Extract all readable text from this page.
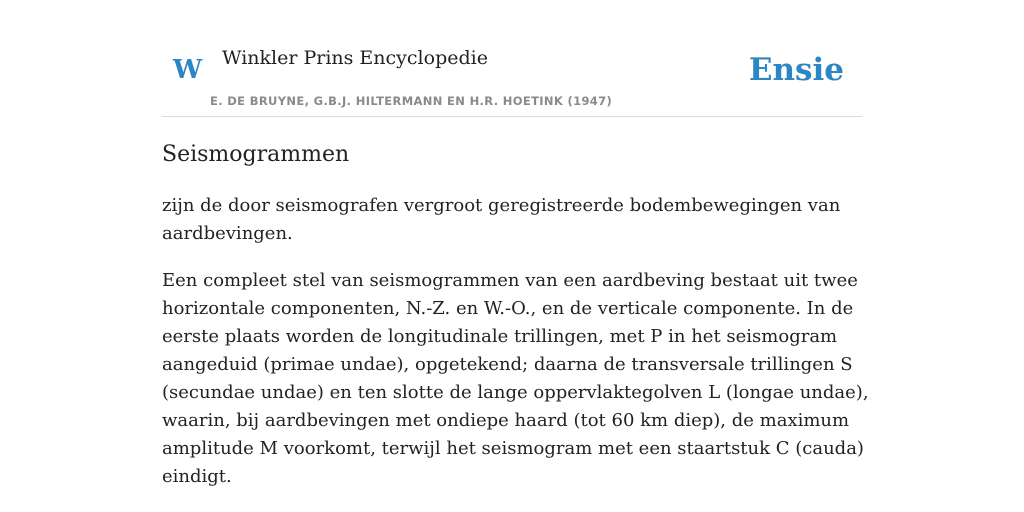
W Winkler Prins Encyclopedie
E. DE BRUYNE, G.B.J. HILTERMANN EN H.R. HOETINK (1947)
Ensie
Seismogrammen

zijn de door seismografen vergroot geregistreerde bodembewegingen van
aardbevingen.

Een compleet stel van seismogrammen van een aardbeving bestaat uit twee
horizontale componenten, N.-Z. en W.-O., en de verticale componente. In de
eerste plaats worden de longitudinale trillingen, met P in het seismogram
aangeduid (primae undae), opgetekend; daarna de transversale trillingen S
(secundae undae) en ten slotte de lange oppervlaktegolven L (longae undae),
waarin, bij aardbevingen met ondiepe haard (tot 60 km diep), de maximum
amplitude M voorkomt, terwijl het seismogram met een staartstuk C (cauda)
eindigt.
